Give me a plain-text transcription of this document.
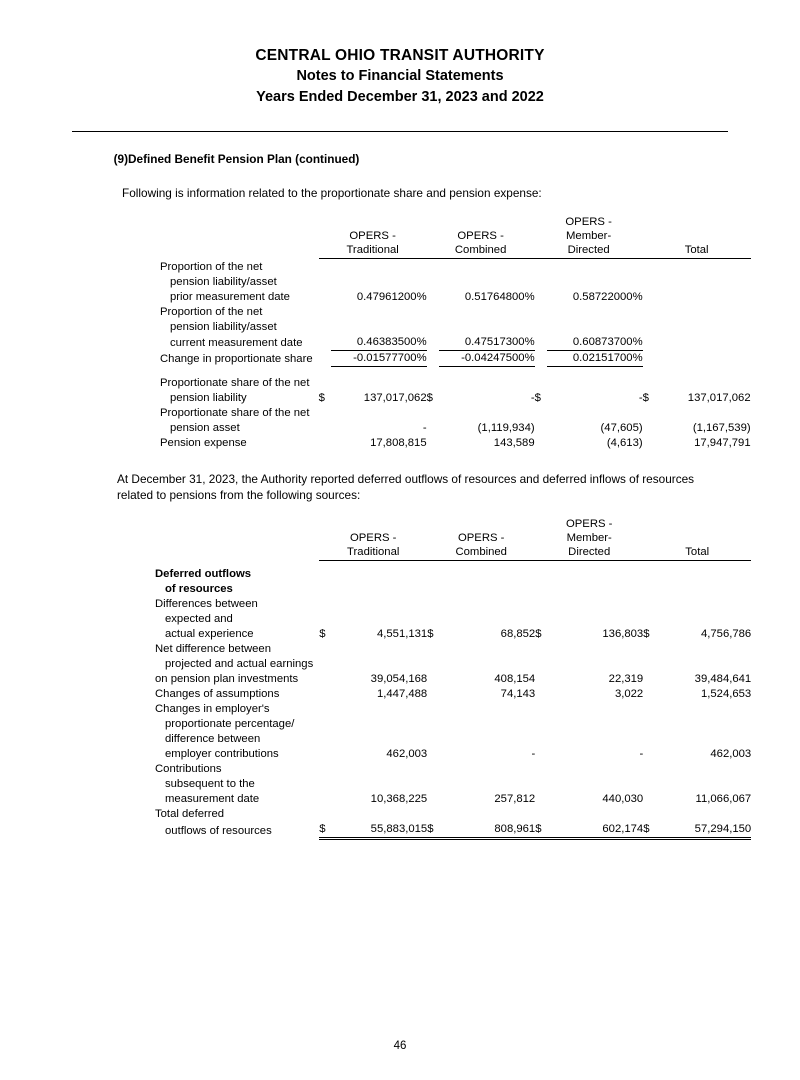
CENTRAL OHIO TRANSIT AUTHORITY
Notes to Financial Statements
Years Ended December 31, 2023 and 2022
(9)Defined Benefit Pension Plan (continued)
Following is information related to the proportionate share and pension expense:
	OPERS -

Traditional		OPERS -

Combined		OPERS -
Member-

Directed		Total	

Proportion of the net								
pension liability/asset								
prior measurement date		0.47961200%		0.51764800%		0.58722000%		
Proportion of the net								
pension liability/asset								
current measurement date		0.46383500%		0.47517300%		0.60873700%		
Change in proportionate share		-0.01577700%		-0.04247500%		0.02151700%		

Proportionate share of the net								
pension liability	$	137,017,062	$	-	$	-	$	137,017,062
Proportionate share of the net								
pension asset		-		(1,119,934)		(47,605)		(1,167,539)
Pension expense		17,808,815		143,589		(4,613)		17,947,791
At December 31, 2023, the Authority reported deferred outflows of resources and deferred inflows of resources related to pensions from the following sources:
	OPERS -

Traditional		OPERS -

Combined		OPERS -
Member-

Directed		Total	

Deferred outflows								
of resources								
Differences between								
expected and								
actual experience	$	4,551,131	$	68,852	$	136,803	$	4,756,786
Net difference between								
projected and actual earnings								
on pension plan investments		39,054,168		408,154		22,319		39,484,641
Changes of assumptions		1,447,488		74,143		3,022		1,524,653
Changes in employer's								
proportionate percentage/								
difference between								
employer contributions		462,003		-		-		462,003
Contributions								
subsequent to the								
measurement date		10,368,225		257,812		440,030		11,066,067
Total deferred								
outflows of resources	$	55,883,015	$	808,961	$	602,174	$	57,294,150
46
